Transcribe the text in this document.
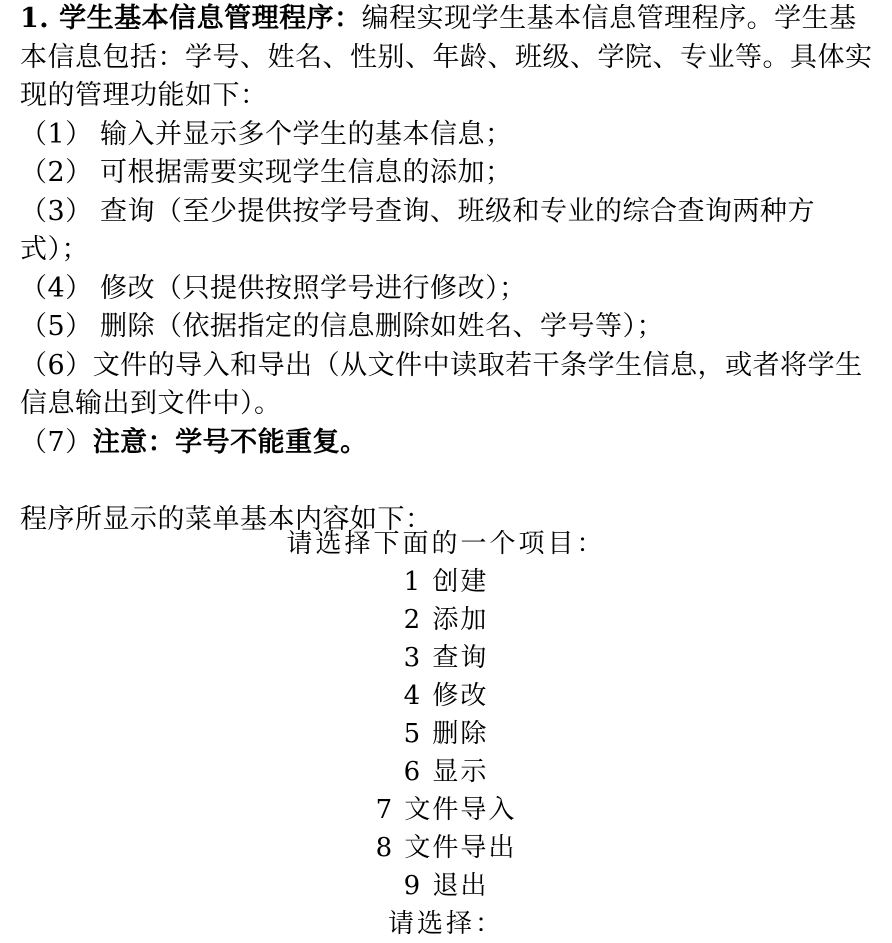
1. 学生基本信息管理程序：编程实现学生基本信息管理程序。学生基本信息包括：学号、姓名、性别、年龄、班级、学院、专业等。具体实现的管理功能如下：

（1） 输入并显示多个学生的基本信息；

（2） 可根据需要实现学生信息的添加；

（3） 查询（至少提供按学号查询、班级和专业的综合查询两种方式）；

（4） 修改（只提供按照学号进行修改）；

（5） 删除（依据指定的信息删除如姓名、学号等）；

（6）文件的导入和导出（从文件中读取若干条学生信息，或者将学生信息输出到文件中）。

（7）注意：学号不能重复。

程序所显示的菜单基本内容如下：

请选择下面的一个项目：
1 创建
2 添加
3 查询
4 修改
5 删除
6 显示
7 文件导入
8 文件导出
9 退出
请选择：
